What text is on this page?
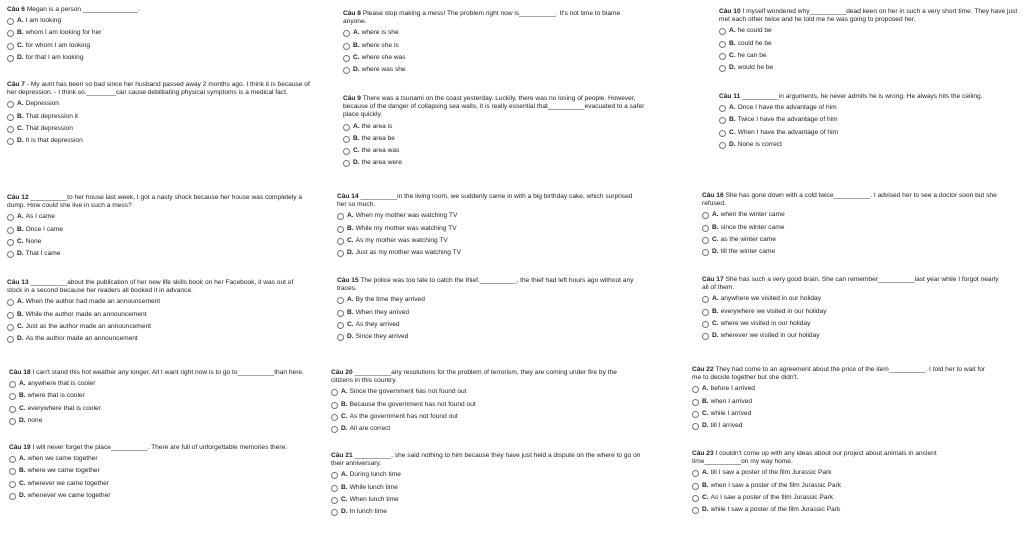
Câu 6 Megan is a person _______________.
A. I am looking
B. whom I am looking for her
C. for whom I am looking
D. for that I am looking
Câu 7 - My aunt has been so bad since her husband passed away 2 months ago. I think it is because of her depression. - I think so.________can cause debilitating physical symptoms is a medical fact.
A. Depression
B. That depression it
C. That depression
D. It is that depression
Câu 12 __________to her house last week, I got a nasty shock because her house was completely a dump. How could she live in such a mess?
A. As I came
B. Once I came
C. None
D. That I came
Câu 13 __________about the publication of her new life skills book on her Facebook, it was out of stock in a second because her readers all booked it in advance.
A. When the author had made an announcement
B. While the author made an announcement
C. Just as the author made an announcement
D. As the author made an announcement
Câu 18 I can't stand this hot weather any longer. All I want right now is to go to__________than here.
A. anywhere that is cooler
B. where that is cooler
C. everywhere that is cooler
D. none
Câu 19 I will never forget the place__________. There are full of unforgettable memories there.
A. when we came together
B. where we came together
C. wherever we came together
D. whenever we came together
Câu 8 Please stop making a mess! The problem right now is__________. It's not time to blame anyone.
A. where is she
B. where she is
C. where she was
D. where was she
Câu 9 There was a tsunami on the coast yesterday. Luckily, there was no losing of people. However, because of the danger of collapsing sea walls, it is really essential that__________evacuated to a safer place quickly.
A. the area is
B. the area be
C. the area was
D. the area were
Câu 14 __________in the living room, we suddenly came in with a big birthday cake, which surprised her so much.
A. When my mother was watching TV
B. While my mother was watching TV
C. As my mother was watching TV
D. Just as my mother was watching TV
Câu 15 The police was too late to catch the thief.__________, the thief had left hours ago without any traces.
A. By the time they arrived
B. When they arrived
C. As they arrived
D. Since they arrived
Câu 20 __________any resolutions for the problem of terrorism, they are coming under fire by the citizens in this country.
A. Since the government has not found out
B. Because the government has not found out
C. As the government has not found out
D. All are correct
Câu 21 __________, she said nothing to him because they have just held a dispute on the where to go on their anniversary.
A. During lunch time
B. While lunch time
C. When lunch time
D. In lunch time
Câu 10 I myself wondered why__________dead keen on her in such a very short time. They have just met each other twice and he told me he was going to proposed her.
A. he could be
B. could he be
C. he can be
D. would he be
Câu 11 __________in arguments, he never admits he is wrong. He always hits the ceiling.
A. Once I have the advantage of him
B. Twice I have the advantage of him
C. When I have the advantage of him
D. None is correct
Câu 16 She has gone down with a cold twice__________. I advised her to see a doctor soon but she refused.
A. when the winter came
B. since the winter came
C. as the winter came
D. till the winter came
Câu 17 She has such a very good brain. She can remember__________last year while I forgot nearly all of them.
A. anywhere we visited in our holiday
B. everywhere we visited in our holiday
C. where we visited in our holiday
D. wherever we visited in our holiday
Câu 22 They had come to an agreement about the price of the item__________. I told her to wait for me to decide together but she didn't.
A. before I arrived
B. when I arrived
C. while I arrived
D. till I arrived
Câu 23 I couldn't come up with any ideas about our project about animals in ancient time__________on my way home.
A. till I saw a poster of the film Jurassic Park
B. when I saw a poster of the film Jurassic Park
C. As I saw a poster of the film Jurassic Park
D. while I saw a poster of the film Jurassic Park
